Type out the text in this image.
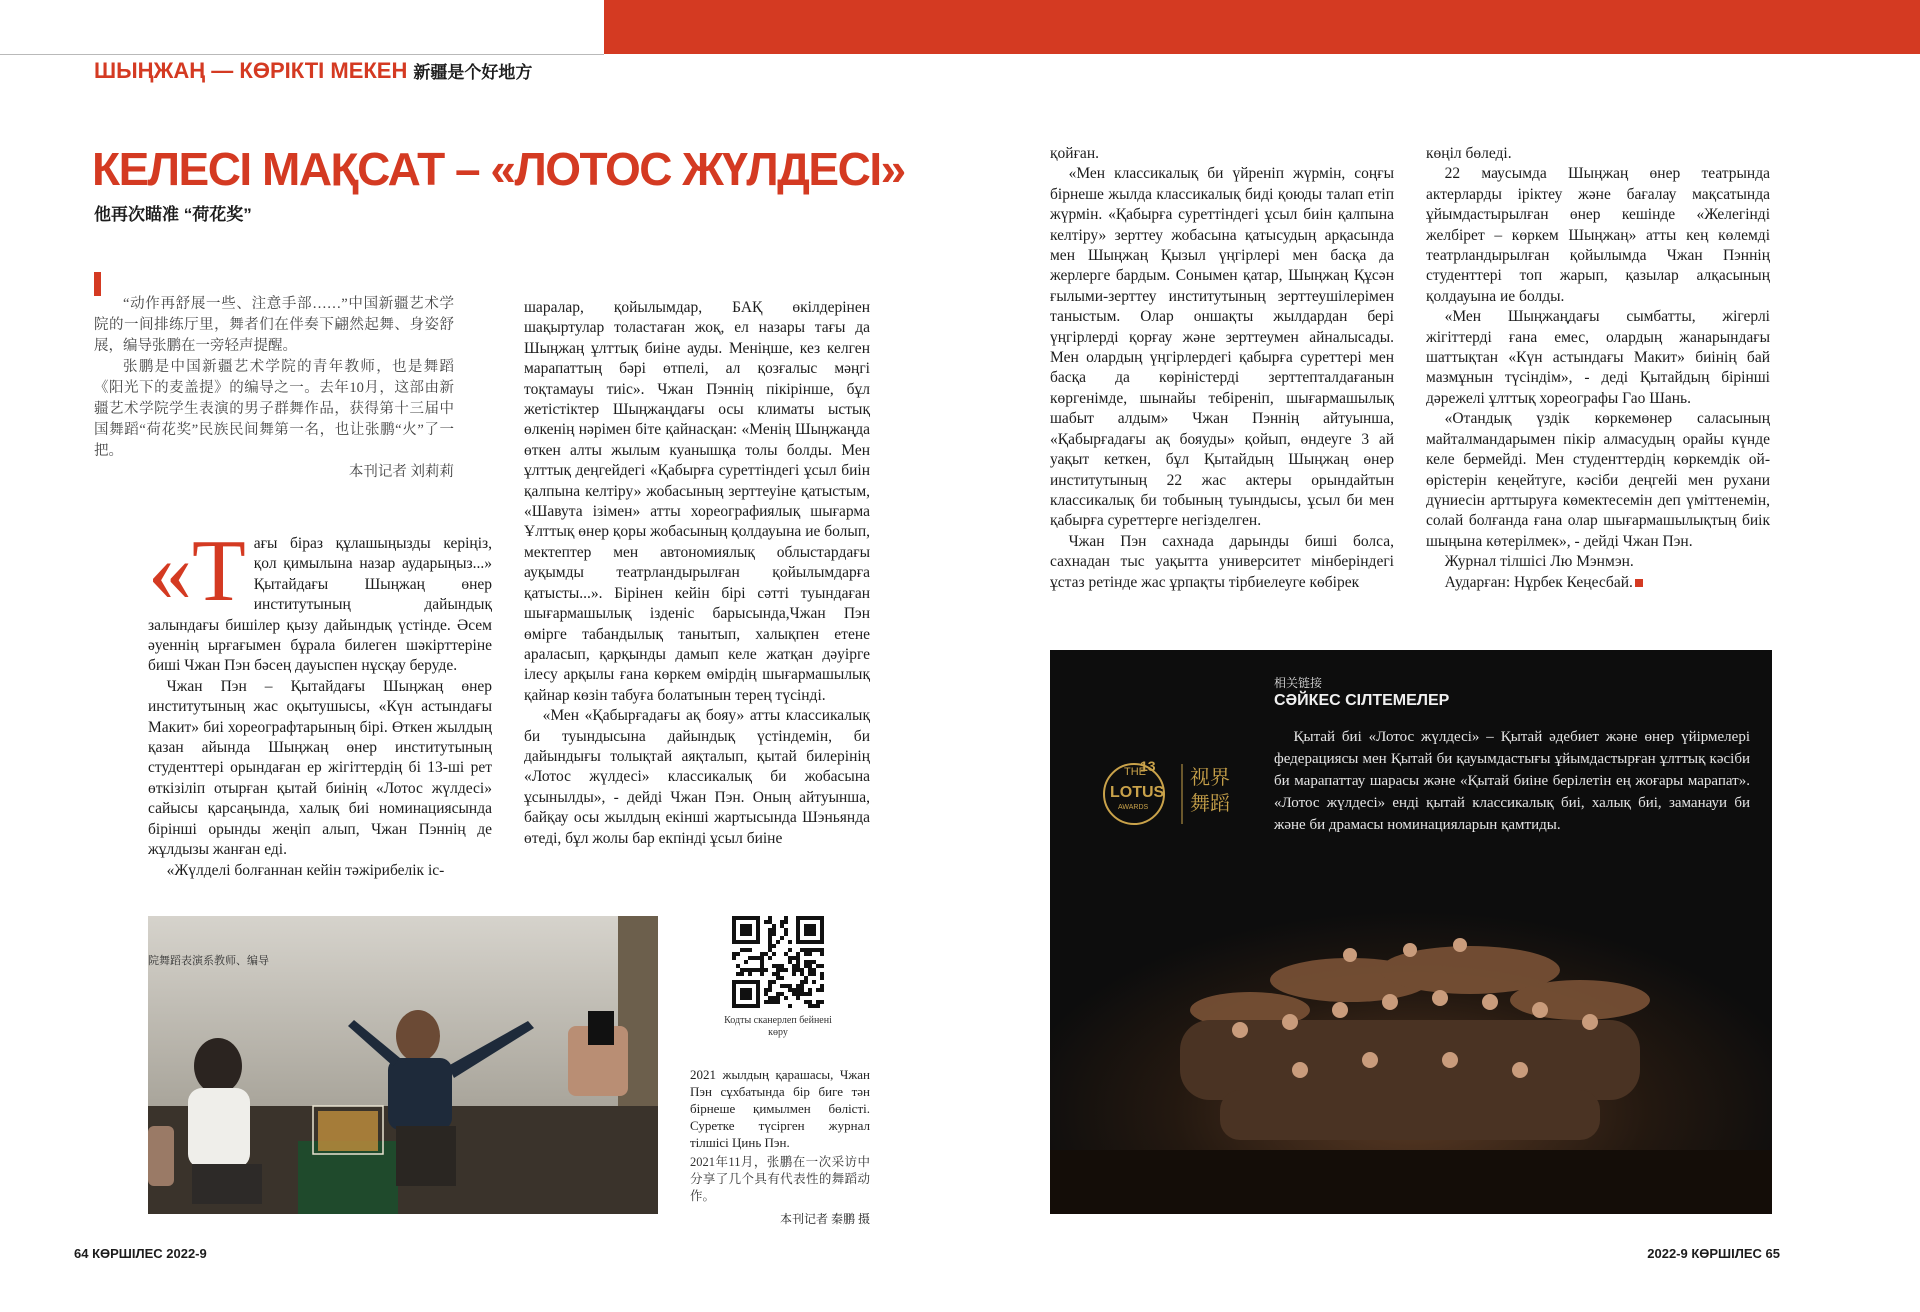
ШЫҢЖАҢ — КӨРІКТІ МЕКЕН 新疆是个好地方
КЕЛЕСІ МАҚСАТ – «ЛОТОС ЖҮЛДЕСІ»
他再次瞄准 “荷花奖”

“动作再舒展一些、注意手部……”中国新疆艺术学院的一间排练厅里，舞者们在伴奏下翩然起舞、身姿舒展，编导张鹏在一旁轻声提醒。

张鹏是中国新疆艺术学院的青年教师，也是舞蹈《阳光下的麦盖提》的编导之一。去年10月，这部由新疆艺术学院学生表演的男子群舞作品，获得第十三届中国舞蹈“荷花奖”民族民间舞第一名，也让张鹏“火”了一把。

本刊记者 刘莉莉

«Тағы біраз құлашыңызды керіңіз, қол қимылына назар аударыңыз...» Қытайдағы Шыңжаң өнер институтының дайындық залындағы бишілер қызу дайындық үстінде. Әсем әуеннің ырғағымен бұрала билеген шәкірттеріне биші Чжан Пэн бәсең дауыспен нұсқау беруде.

Чжан Пэн – Қытайдағы Шыңжаң өнер институтының жас оқытушысы, «Күн астындағы Макит» биі хореографтарының бірі. Өткен жылдың қазан айында Шыңжаң өнер институтының студенттері орындаған ер жігіттердің бі 13-ші рет өткізіліп отырған қытай биінің «Лотос жүлдесі» сайысы қарсаңында, халық биі номинациясында бірінші орынды жеңіп алып, Чжан Пэннің де жұлдызы жанған еді.

«Жүлделі болғаннан кейін тәжірибелік іс-

шаралар, қойылымдар, БАҚ өкілдерінен шақыртулар толастаған жоқ, ел назары тағы да Шыңжаң ұлттық биіне ауды. Меніңше, кез келген марапаттың бәрі өтпелі, ал қозғалыс мәңгі тоқтамауы тиіс». Чжан Пэннің пікірінше, бұл жетістіктер Шыңжаңдағы осы климаты ыстық өлкенің нәрімен біте қайнасқан: «Менің Шыңжаңда өткен алты жылым куанышқа толы болды. Мен ұлттық деңгейдегі «Қабырға суреттіндегі ұсыл биін қалпына келтіру» жобасының зерттеуіне қатыстым, «Шавута ізімен» атты хореографиялық шығарма Ұлттық өнер қоры жобасының қолдауына ие болып, мектептер мен автономиялық облыстардағы ауқымды театрландырылған қойылымдарға қатысты...». Бірінен кейін бірі сәтті туындаған шығармашылық ізденіс барысында,Чжан Пэн өміргe табандылық танытып, халықпен етене араласып, қарқынды дамып келе жатқан дәуірге ілесу арқылы ғана көркем өмірдің шығармашылық қайнар көзін табуға болатынын терең түсінді.

«Мен «Қабырғадағы ақ бояу» атты классикалық би туындысына дайындық үстіндемін, би дайындығы толықтай аяқталып, қытай билерінің «Лотос жүлдесі» классикалық би жобасына ұсынылды», - дейді Чжан Пэн. Оның айтуынша, байқау осы жылдың екінші жартысында Шэньянда өтеді, бұл жолы бар екпінді ұсыл биіне

қойған.

«Мен классикалық би үйреніп жүрмін, соңғы бірнеше жылда классикалық биді қоюды талап етіп жүрмін. «Қабырға суреттіндегі ұсыл биін қалпына келтіру» зерттеу жобасына қатысудың арқасында мен Шыңжаң Қызыл үңгірлері мен басқа да жерлерге бардым. Сонымен қатар, Шыңжаң Құсән ғылыми-зерттеу институтының зерттеушілерімен таныстым. Олар оншақты жылдардан бері үңгірлерді қорғау және зерттеумен айналысады. Мен олардың үңгірлердегі қабырға суреттері мен басқа да көріністерді зерттептaлдағанын көргенімде, шынайы тебіреніп, шығармашылық шабыт алдым» Чжан Пэннің айтуынша, «Қабырғадағы ақ бояуды» қойып, өндеуге 3 ай уақыт кеткен, бұл Қытайдың Шыңжаң өнер институтының 22 жас актеры орындайтын классикалық би тобының туындысы, ұсыл би мен қабырға суреттерге негізделген.

Чжан Пэн сахнада дарынды биші болса, сахнадан тыс уақытта университет мінберіндегі ұстаз ретінде жас ұрпақты тірбиелеуге көбірек

көңіл бөледі.

22 маусымда Шыңжаң өнер театрында актерларды іріктеу және бағалау мақсатында ұйымдастырылған өнер кешінде «Желегінді желбірет – көркем Шыңжаң» атты кең көлемді театрландырылған қойылымда Чжан Пэннің студенттері топ жарып, қазылар алқасының қолдауына ие болды.

«Мен Шыңжаңдағы сымбатты, жігерлі жігіттерді ғана емес, олардың жанарындағы шаттықтан «Күн астындағы Макит» биінің бай мазмұнын түсіндім», - деді Қытайдың бірінші дәрежелі ұлттық хореографы Гао Шань.

«Отандық үздік көркемөнер саласының майталмандарымен пікір алмасудың орайы күнде келе бермейді. Мен студенттердің көркемдік ой-өрістерін кеңейтуге, кәсіби деңгейі мен рухани дүниесін арттыруға көмектесемін деп үміттенемін, солай болғанда ғана олар шығармашылықтың биік шыңына көтерілмек», - дейді Чжан Пэн.

Журнал тілшісі Лю Мэнмэн.

Аударған: Нұрбек Кеңесбай.

院舞蹈表演系教师、编导
Кодты сканерлеп бейнені көру

2021 жылдың қарашасы, Чжан Пэн сұхбатында бір биге тән бірнеше қимылмен бөлісті. Суретке түсірген журнал тілшісі Цинь Пэн.

2021年11月，张鹏在一次采访中分享了几个具有代表性的舞蹈动作。

本刊记者 秦鹏 摄

THE
13
LOTUS
AWARDS
视界 舞蹈
相关链接
СӘЙКЕС СІЛТЕМЕЛЕР

Қытай биі «Лотос жүлдесі» – Қытай әдебиет және өнер үйірмелері федерациясы мен Қытай би қауымдастығы ұйымдастырған ұлттық кәсіби би марапаттау шарасы және «Қытай биіне берілетін ең жоғары марапат». «Лотос жүлдесі» енді қытай классикалық биі, халық биі, заманауи би және би драмасы номинацияларын қамтиды.

64 КӨРШІЛЕС 2022-9	2022-9 КӨРШІЛЕС 65
